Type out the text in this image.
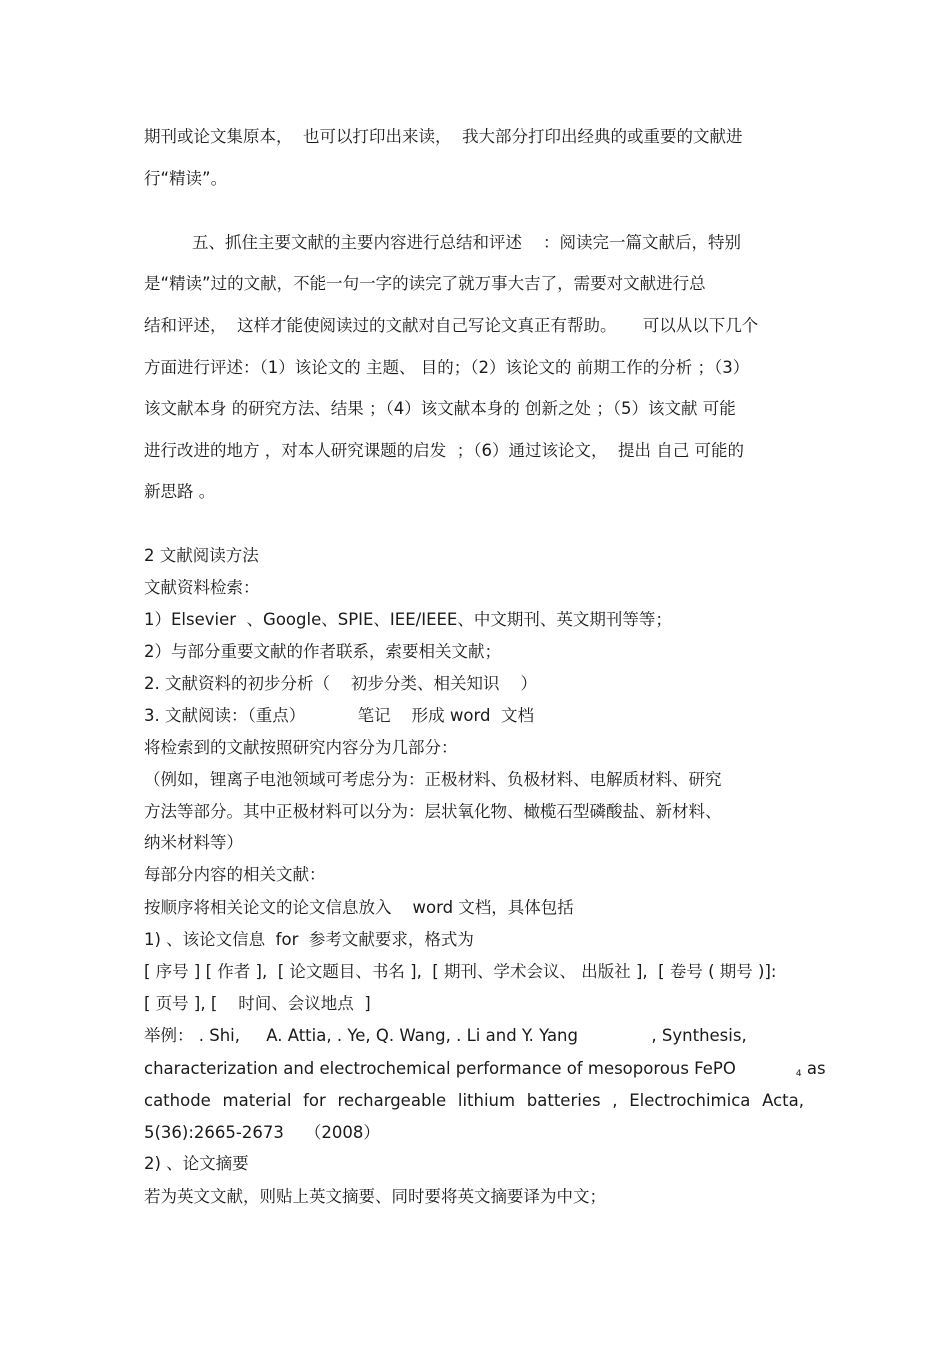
期刊或论文集原本，  也可以打印出来读，  我大部分打印出经典的或重要的文献进
行“精读”。
五、抓住主要文献的主要内容进行总结和评述    ：阅读完一篇文献后，特别
是“精读”过的文献，不能一句一字的读完了就万事大吉了，需要对文献进行总
结和评述，  这样才能使阅读过的文献对自己写论文真正有帮助。     可以从以下几个
方面进行评述：（1）该论文的 主题、 目的；（2）该论文的 前期工作的分析 ；（3）
该文献本身 的研究方法、结果 ；（4）该文献本身的 创新之处 ；（5）该文献 可能
进行改进的地方 ，对本人研究课题的启发  ；（6）通过该论文，  提出 自己 可能的
新思路 。
2 文献阅读方法
文献资料检索：
1）Elsevier  、Google、SPIE、IEE/IEEE、中文期刊、英文期刊等等；
2）与部分重要文献的作者联系，索要相关文献；
2. 文献资料的初步分析（    初步分类、相关知识    ）
3. 文献阅读：（重点）          笔记    形成 word  文档
将检索到的文献按照研究内容分为几部分：
（例如，锂离子电池领域可考虑分为：正极材料、负极材料、电解质材料、研究
方法等部分。其中正极材料可以分为：层状氧化物、橄榄石型磷酸盐、新材料、
纳米材料等）
每部分内容的相关文献：
按顺序将相关论文的论文信息放入    word 文档，具体包括
1) 、该论文信息  for  参考文献要求，格式为
[ 序号 ] [ 作者 ],  [ 论文题目、书名 ],  [ 期刊、学术会议、 出版社 ],  [ 卷号 ( 期号 )]:
[ 页号 ], [    时间、会议地点  ]
举例： . Shi,     A. Attia, . Ye, Q. Wang, . Li and Y. Yang              , Synthesis,
characterization and electrochemical performance of mesoporous FePO	$_4$ as
cathode material for rechargeable lithium batteries , Electrochimica Acta,
5(36):2665-2673    （2008）
2) 、论文摘要
若为英文文献，则贴上英文摘要、同时要将英文摘要译为中文；
